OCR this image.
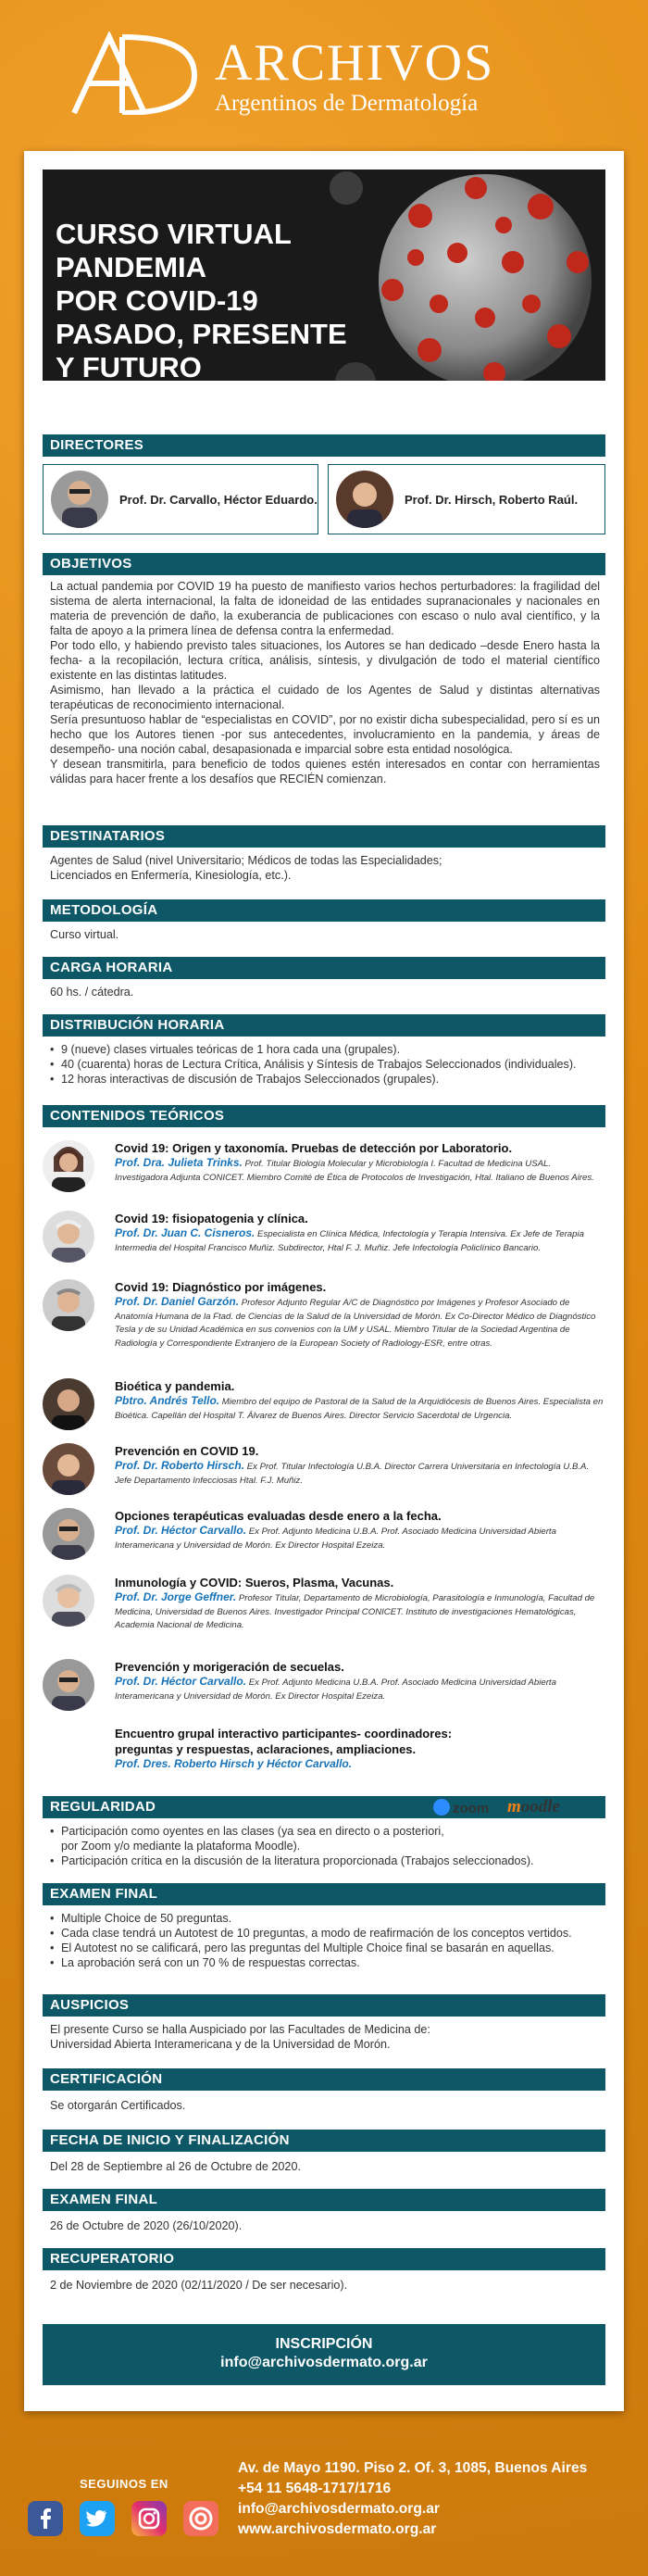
ARCHIVOS
Argentinos de Dermatología
CURSO VIRTUAL
PANDEMIA
POR COVID-19
PASADO, PRESENTE
Y FUTURO
DIRECTORES
Prof. Dr. Carvallo, Héctor Eduardo.	Prof. Dr. Hirsch, Roberto Raúl.
OBJETIVOS

La actual pandemia por COVID 19 ha puesto de manifiesto varios hechos perturbadores: la fragilidad del sistema de alerta internacional, la falta de idoneidad de las entidades supranacionales y nacionales en materia de prevención de daño, la exuberancia de publicaciones con escaso o nulo aval científico, y la falta de apoyo a la primera línea de defensa contra la enfermedad.

Por todo ello, y habiendo previsto tales situaciones, los Autores se han dedicado –desde Enero hasta la fecha- a la recopilación, lectura crítica, análisis, síntesis, y divulgación de todo el material científico existente en las distintas latitudes.

Asimismo, han llevado a la práctica el cuidado de los Agentes de Salud y distintas alternativas terapéuticas de reconocimiento internacional.

Sería presuntuoso hablar de “especialistas en COVID”, por no existir dicha subespecialidad, pero sí es un hecho que los Autores tienen -por sus antecedentes, involucramiento en la pandemia, y áreas de desempeño- una noción cabal, desapasionada e imparcial sobre esta entidad nosológica.

Y desean transmitirla, para beneficio de todos quienes estén interesados en contar con herramientas válidas para hacer frente a los desafíos que RECIÉN comienzan.

DESTINATARIOS

Agentes de Salud (nivel Universitario; Médicos de todas las Especialidades;

Licenciados en Enfermería, Kinesiología, etc.).

METODOLOGÍA
Curso virtual.
CARGA HORARIA
60 hs. / cátedra.
DISTRIBUCIÓN HORARIA
• 9 (nueve) clases virtuales teóricas de 1 hora cada una (grupales).
• 40 (cuarenta) horas de Lectura Crítica, Análisis y Síntesis de Trabajos Seleccionados (individuales).
• 12 horas interactivas de discusión de Trabajos Seleccionados (grupales).
CONTENIDOS TEÓRICOS
Covid 19: Origen y taxonomía. Pruebas de detección por Laboratorio.
Prof. Dra. Julieta Trinks. Prof. Titular Biología Molecular y Microbiología I. Facultad de Medicina USAL. Investigadora Adjunta CONICET. Miembro Comité de Ética de Protocolos de Investigación, Htal. Italiano de Buenos Aires.
Covid 19: fisiopatogenia y clínica.
Prof. Dr. Juan C. Cisneros. Especialista en Clínica Médica, Infectología y Terapia Intensiva. Ex Jefe de Terapia Intermedia del Hospital Francisco Muñiz. Subdirector, Htal F. J. Muñiz. Jefe Infectología Policlínico Bancario.
Covid 19: Diagnóstico por imágenes.
Prof. Dr. Daniel Garzón. Profesor Adjunto Regular A/C de Diagnóstico por Imágenes y Profesor Asociado de Anatomía Humana de la Ftad. de Ciencias de la Salud de la Universidad de Morón. Ex Co-Director Médico de Diagnóstico Tesla y de su Unidad Académica en sus convenios con la UM y USAL. Miembro Titular de la Sociedad Argentina de Radiología y Correspondiente Extranjero de la European Society of Radiology-ESR, entre otras.
Bioética y pandemia.
Pbtro. Andrés Tello. Miembro del equipo de Pastoral de la Salud de la Arquidiócesis de Buenos Aires. Especialista en Bioética. Capellán del Hospital T. Álvarez de Buenos Aires. Director Servicio Sacerdotal de Urgencia.
Prevención en COVID 19.
Prof. Dr. Roberto Hirsch. Ex Prof. Titular Infectología U.B.A. Director Carrera Universitaria en Infectología U.B.A. Jefe Departamento Infecciosas Htal. F.J. Muñiz.
Opciones terapéuticas evaluadas desde enero a la fecha.
Prof. Dr. Héctor Carvallo. Ex Prof. Adjunto Medicina U.B.A. Prof. Asociado Medicina Universidad Abierta Interamericana y Universidad de Morón. Ex Director Hospital Ezeiza.
Inmunología y COVID: Sueros, Plasma, Vacunas.
Prof. Dr. Jorge Geffner. Profesor Titular, Departamento de Microbiología, Parasitología e Inmunología, Facultad de Medicina, Universidad de Buenos Aires. Investigador Principal CONICET. Instituto de investigaciones Hematológicas, Academia Nacional de Medicina.
Prevención y morigeración de secuelas.
Prof. Dr. Héctor Carvallo. Ex Prof. Adjunto Medicina U.B.A. Prof. Asociado Medicina Universidad Abierta Interamericana y Universidad de Morón. Ex Director Hospital Ezeiza.
Encuentro grupal interactivo participantes- coordinadores:
preguntas y respuestas, aclaraciones, ampliaciones.
Prof. Dres. Roberto Hirsch y Héctor Carvallo.
REGULARIDAD
• Participación como oyentes en las clases (ya sea en directo o a posteriori, por Zoom y/o mediante la plataforma Moodle).
• Participación crítica en la discusión de la literatura proporcionada (Trabajos seleccionados).
EXAMEN FINAL
• Multiple Choice de 50 preguntas.
• Cada clase tendrá un Autotest de 10 preguntas, a modo de reafirmación de los conceptos vertidos.
• El Autotest no se calificará, pero las preguntas del Multiple Choice final se basarán en aquellas.
• La aprobación será con un 70 % de respuestas correctas.
AUSPICIOS

El presente Curso se halla Auspiciado por las Facultades de Medicina de:

Universidad Abierta Interamericana y de la Universidad de Morón.

CERTIFICACIÓN
Se otorgarán Certificados.
FECHA DE INICIO Y FINALIZACIÓN
Del 28 de Septiembre al 26 de Octubre de 2020.
EXAMEN FINAL
26 de Octubre de 2020 (26/10/2020).
RECUPERATORIO
2 de Noviembre de 2020 (02/11/2020 / De ser necesario).
INSCRIPCIÓN
info@archivosdermato.org.ar
zoom moodle
SEGUINOS EN
Av. de Mayo 1190. Piso 2. Of. 3, 1085, Buenos Aires
+54 11 5648-1717/1716
info@archivosdermato.org.ar
www.archivosdermato.org.ar
